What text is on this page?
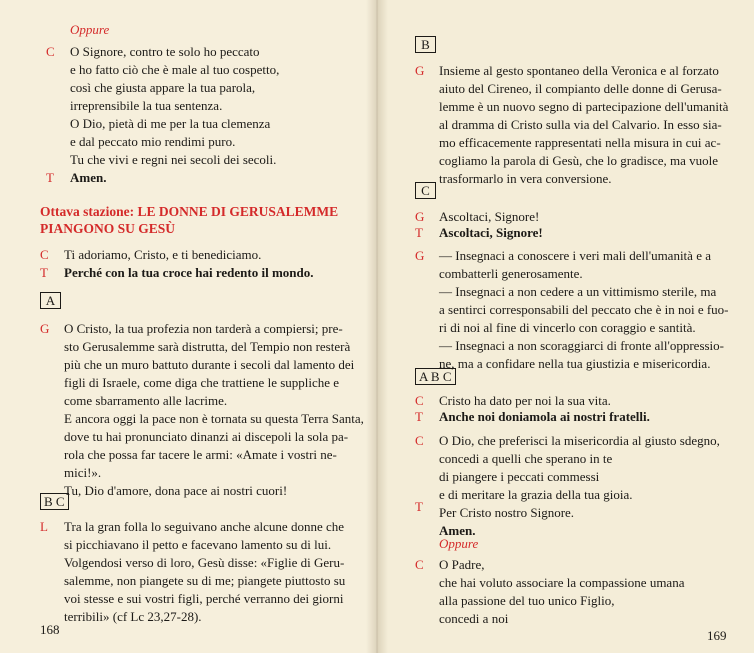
Oppure
C O Signore, contro te solo ho peccato
e ho fatto ciò che è male al tuo cospetto,
così che giusta appare la tua parola,
irreprensibile la tua sentenza.
O Dio, pietà di me per la tua clemenza
e dal peccato mio rendimi puro.
Tu che vivi e regni nei secoli dei secoli.
T Amen.
Ottava stazione: LE DONNE DI GERUSALEMME
PIANGONO SU GESÙ
C Ti adoriamo, Cristo, e ti benediciamo.
T Perché con la tua croce hai redento il mondo.
A
G O Cristo, la tua profezia non tarderà a compiersi; pre-
sto Gerusalemme sarà distrutta, del Tempio non resterà
più che un muro battuto durante i secoli dal lamento dei
figli di Israele, come diga che trattiene le suppliche e
come sbarramento alle lacrime.
E ancora oggi la pace non è tornata su questa Terra Santa,
dove tu hai pronunciato dinanzi ai discepoli la sola pa-
rola che possa far tacere le armi: «Amate i vostri ne-
mici!».
Tu, Dio d'amore, dona pace ai nostri cuori!
B C
L Tra la gran folla lo seguivano anche alcune donne che
si picchiavano il petto e facevano lamento su di lui.
Volgendosi verso di loro, Gesù disse: «Figlie di Geru-
salemme, non piangete su di me; piangete piuttosto su
voi stesse e sui vostri figli, perché verranno dei giorni
terribili» (cf Lc 23,27-28).
168
B
G Insieme al gesto spontaneo della Veronica e al forzato
aiuto del Cireneo, il compianto delle donne di Gerusa-
lemme è un nuovo segno di partecipazione dell'umanità
al dramma di Cristo sulla via del Calvario. In esso sia-
mo efficacemente rappresentati nella misura in cui ac-
cogliamo la parola di Gesù, che lo gradisce, ma vuole
trasformarlo in vera conversione.
C
G Ascoltaci, Signore!
T Ascoltaci, Signore!
G — Insegnaci a conoscere i veri mali dell'umanità e a
combatterli generosamente.
— Insegnaci a non cedere a un vittimismo sterile, ma
a sentirci corresponsabili del peccato che è in noi e fuo-
ri di noi al fine di vincerlo con coraggio e santità.
— Insegnaci a non scoraggiarci di fronte all'oppressio-
ne, ma a confidare nella tua giustizia e misericordia.
A B C
C Cristo ha dato per noi la sua vita.
T Anche noi doniamola ai nostri fratelli.
C O Dio, che preferisci la misericordia al giusto sdegno,
concedi a quelli che sperano in te
di piangere i peccati commessi
e di meritare la grazia della tua gioia.
Per Cristo nostro Signore.
T
Amen.
Oppure
C O Padre,
che hai voluto associare la compassione umana
alla passione del tuo unico Figlio,
concedi a noi
169
